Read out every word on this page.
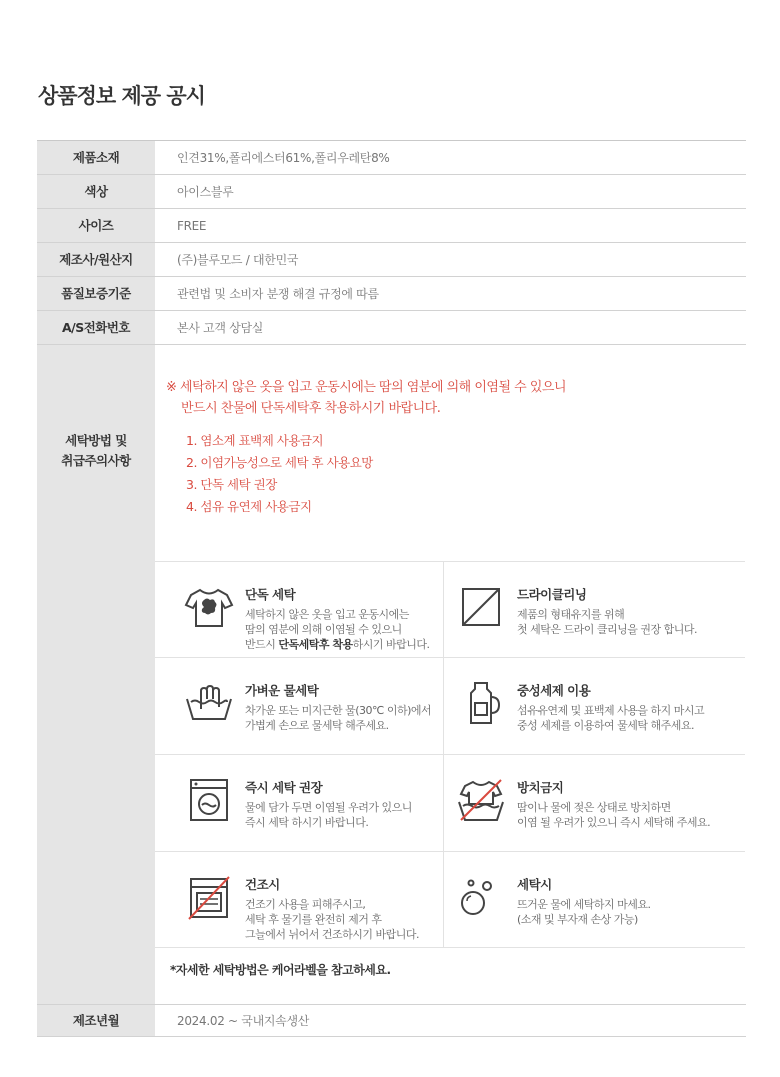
상품정보 제공 공시
제품소재	인견31%,폴리에스터61%,폴리우레탄8%
색상	아이스블루
사이즈	FREE
제조사/원산지	(주)블루모드 / 대한민국
품질보증기준	관련법 및 소비자 분쟁 해결 규정에 따름
A/S전화번호	본사 고객 상담실
세탁방법 및
취급주의사항
※ 세탁하지 않은 옷을 입고 운동시에는 땀의 염분에 의해 이염될 수 있으니
반드시 찬물에 단독세탁후 착용하시기 바랍니다.
1. 염소계 표백제 사용금지
2. 이염가능성으로 세탁 후 사용요망
3. 단독 세탁 권장
4. 섬유 유연제 사용금지
단독 세탁
세탁하지 않은 옷을 입고 운동시에는
땀의 염분에 의해 이염될 수 있으니
반드시 단독세탁후 착용하시기 바랍니다.
드라이클리닝
제품의 형태유지를 위해
첫 세탁은 드라이 클리닝을 권장 합니다.
가벼운 물세탁
차가운 또는 미지근한 물(30℃ 이하)에서
가볍게 손으로 물세탁 해주세요.
중성세제 이용
섬유유연제 및 표백제 사용을 하지 마시고
중성 세제를 이용하여 물세탁 해주세요.
즉시 세탁 권장
물에 담가 두면 이염될 우려가 있으니
즉시 세탁 하시기 바랍니다.
방치금지
땀이나 물에 젖은 상태로 방치하면
이염 될 우려가 있으니 즉시 세탁해 주세요.
건조시
건조기 사용을 피해주시고,
세탁 후 물기를 완전히 제거 후
그늘에서 뉘어서 건조하시기 바랍니다.
세탁시
뜨거운 물에 세탁하지 마세요.
(소재 및 부자재 손상 가능)
*자세한 세탁방법은 케어라벨을 참고하세요.
제조년월	2024.02 ~ 국내지속생산
